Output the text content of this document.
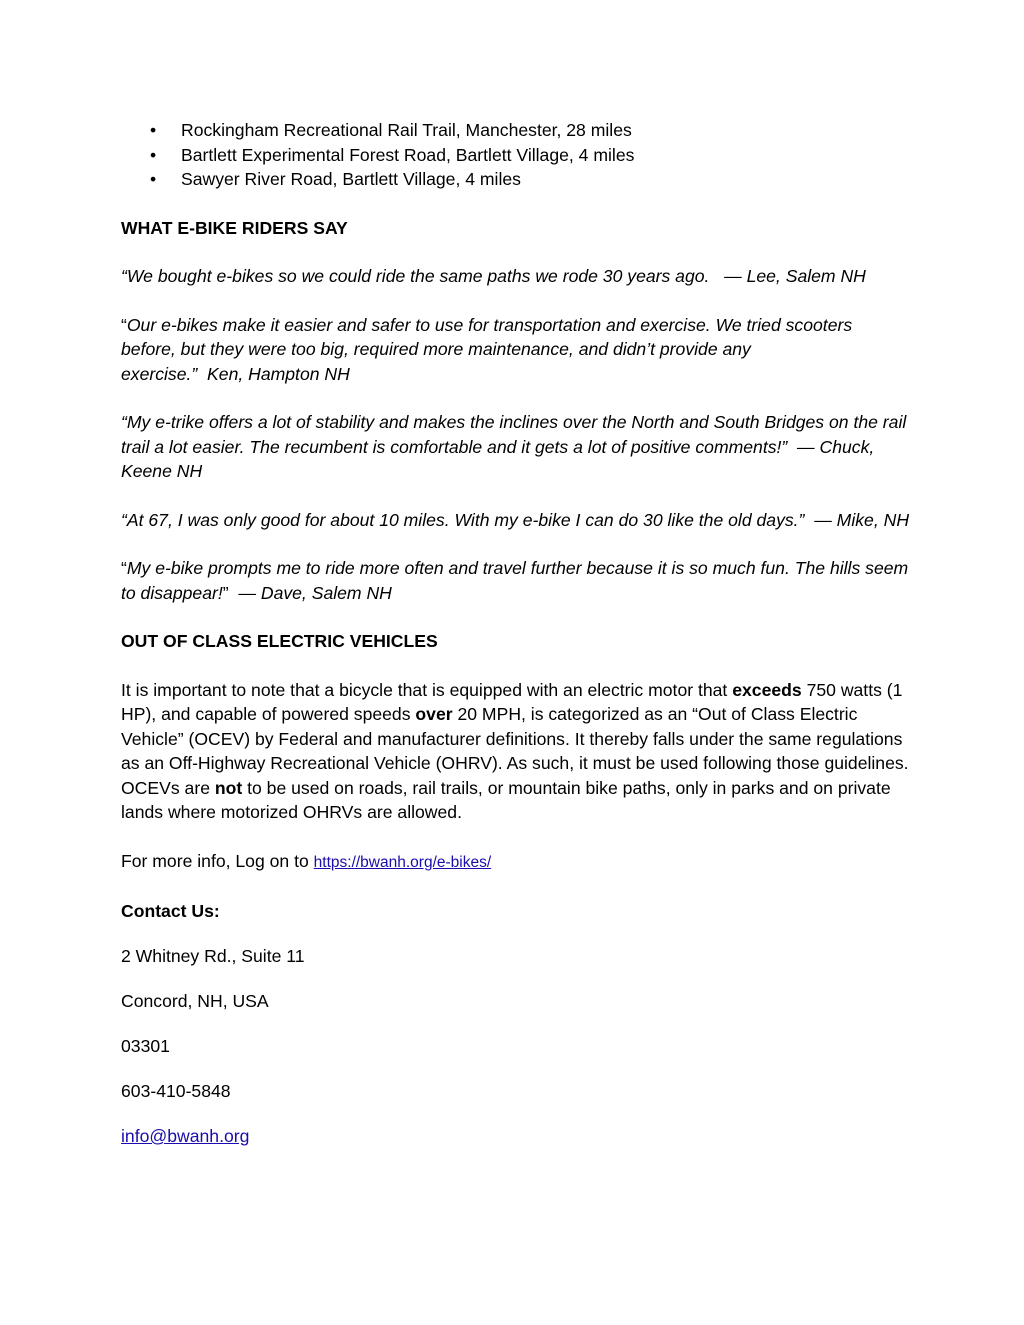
• Rockingham Recreational Rail Trail, Manchester, 28 miles
• Bartlett Experimental Forest Road, Bartlett Village, 4 miles
• Sawyer River Road, Bartlett Village, 4 miles
WHAT E-BIKE RIDERS SAY
“We bought e-bikes so we could ride the same paths we rode 30 years ago. — Lee, Salem NH
“Our e-bikes make it easier and safer to use for transportation and exercise. We tried scooters before, but they were too big, required more maintenance, and didn’t provide any
exercise.” Ken, Hampton NH
“My e-trike offers a lot of stability and makes the inclines over the North and South Bridges on the rail trail a lot easier. The recumbent is comfortable and it gets a lot of positive comments!” — Chuck, Keene NH
“At 67, I was only good for about 10 miles. With my e-bike I can do 30 like the old days.” — Mike, NH
“My e-bike prompts me to ride more often and travel further because it is so much fun. The hills seem to disappear!” — Dave, Salem NH
OUT OF CLASS ELECTRIC VEHICLES
It is important to note that a bicycle that is equipped with an electric motor that exceeds 750 watts (1 HP), and capable of powered speeds over 20 MPH, is categorized as an “Out of Class Electric Vehicle” (OCEV) by Federal and manufacturer definitions. It thereby falls under the same regulations as an Off-Highway Recreational Vehicle (OHRV). As such, it must be used following those guidelines. OCEVs are not to be used on roads, rail trails, or mountain bike paths, only in parks and on private lands where motorized OHRVs are allowed.
For more info, Log on to https://bwanh.org/e-bikes/
Contact Us:
2 Whitney Rd., Suite 11
Concord, NH, USA
03301
603-410-5848
info@bwanh.org
